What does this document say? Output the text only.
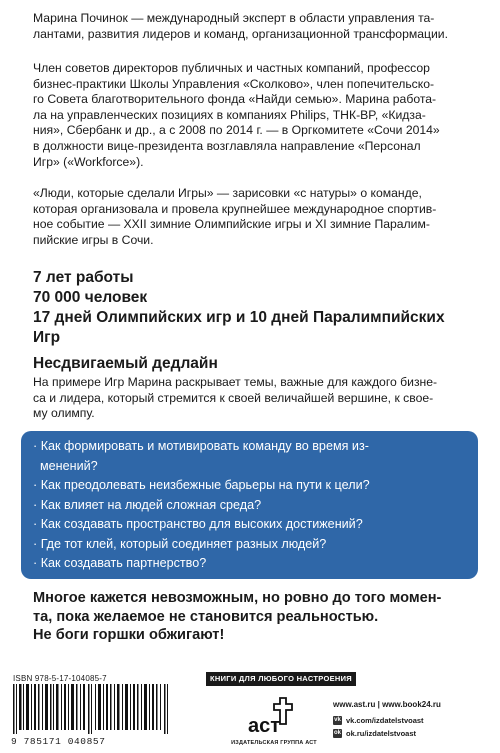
Марина Починок — международный эксперт в области управления та-
лантами, развития лидеров и команд, организационной трансформации.
Член советов директоров публичных и частных компаний, профессор
бизнес-практики Школы Управления «Сколково», член попечительско-
го Совета благотворительного фонда «Найди семью». Марина работа-
ла на управленческих позициях в компаниях Philips, ТНК-BP, «Кидза-
ния», Сбербанк и др., а с 2008 по 2014 г. — в Оргкомитете «Сочи 2014»
в должности вице-президента возглавляла направление «Персонал
Игр» («Workforce»).
«Люди, которые сделали Игры» — зарисовки «с натуры» о команде,
которая организовала и провела крупнейшее международное спортив-
ное событие — XXII зимние Олимпийские игры и XI зимние Паралим-
пийские игры в Сочи.
7 лет работы
70 000 человек
17 дней Олимпийских игр и 10 дней Паралимпийских Игр
Несдвигаемый дедлайн
На примере Игр Марина раскрывает темы, важные для каждого бизне-
са и лидера, который стремится к своей величайшей вершине, к свое-
му олимпу.
· Как формировать и мотивировать команду во время из-
менений?
· Как преодолевать неизбежные барьеры на пути к цели?
· Как влияет на людей сложная среда?
· Как создавать пространство для высоких достижений?
· Где тот клей, который соединяет разных людей?
· Как создавать партнерство?
Многое кажется невозможным, но ровно до того момен-
та, пока желаемое не становится реальностью.
Не боги горшки обжигают!
ISBN 978-5-17-104085-7
9 785171 040857
КНИГИ ДЛЯ ЛЮБОГО НАСТРОЕНИЯ ЗДЕСЬ
аст
ИЗДАТЕЛЬСКАЯ ГРУППА АСТ
www.ast.ru | www.book24.ru
vk vk.com/izdatelstvoast
ok ok.ru/izdatelstvoast
